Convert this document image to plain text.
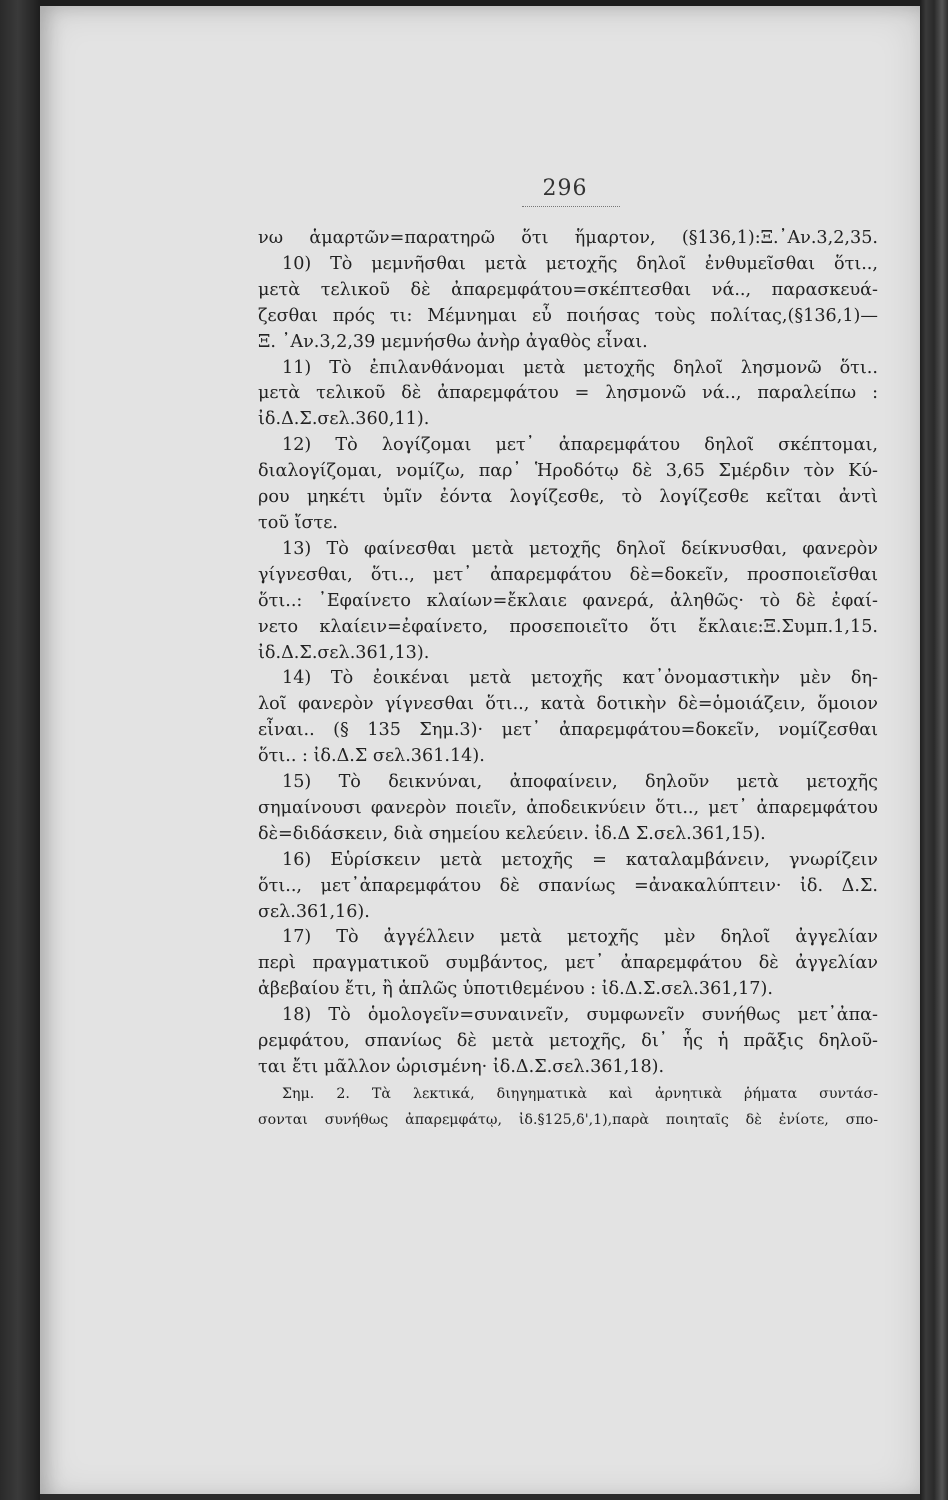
296
νω ἁμαρτῶν=παρατηρῶ ὅτι ἥμαρτον, (§136,1):Ξ.᾿Αν.3,2,35.
10) Τὸ μεμνῆσθαι μετὰ μετοχῆς δηλοῖ ἐνθυμεῖσθαι ὅτι..,
μετὰ τελικοῦ δὲ ἀπαρεμφάτου=σκέπτεσθαι νά.., παρασκευά-
ζεσθαι πρός τι: Μέμνημαι εὖ ποιήσας τοὺς πολίτας,(§136,1)—
Ξ. ᾿Αν.3,2,39 μεμνήσθω ἀνὴρ ἀγαθὸς εἶναι.
11) Τὸ ἐπιλανθάνομαι μετὰ μετοχῆς δηλοῖ λησμονῶ ὅτι..
μετὰ τελικοῦ δὲ ἀπαρεμφάτου = λησμονῶ νά.., παραλείπω :
ἰδ.Δ.Σ.σελ.360,11).
12) Τὸ λογίζομαι μετ᾿ ἀπαρεμφάτου δηλοῖ σκέπτομαι,
διαλογίζομαι, νομίζω, παρ᾿ Ἡροδότῳ δὲ 3,65 Σμέρδιν τὸν Κύ-
ρου μηκέτι ὑμῖν ἐόντα λογίζεσθε, τὸ λογίζεσθε κεῖται ἀντὶ
τοῦ ἴστε.
13) Τὸ φαίνεσθαι μετὰ μετοχῆς δηλοῖ δείκνυσθαι, φανερὸν
γίγνεσθαι, ὅτι.., μετ᾿ ἀπαρεμφάτου δὲ=δοκεῖν, προσποιεῖσθαι
ὅτι..: ᾿Εφαίνετο κλαίων=ἔκλαιε φανερά, ἀληθῶς· τὸ δὲ ἐφαί-
νετο κλαίειν=ἐφαίνετο, προσεποιεῖτο ὅτι ἔκλαιε:Ξ.Συμπ.1,15.
ἰδ.Δ.Σ.σελ.361,13).
14) Τὸ ἐοικέναι μετὰ μετοχῆς κατ᾿ὀνομαστικὴν μὲν δη-
λοῖ φανερὸν γίγνεσθαι ὅτι.., κατὰ δοτικὴν δὲ=ὁμοιάζειν, ὅμοιον
εἶναι.. (§ 135 Σημ.3)· μετ᾿ ἀπαρεμφάτου=δοκεῖν, νομίζεσθαι
ὅτι.. : ἰδ.Δ.Σ σελ.361.14).
15) Τὸ δεικνύναι, ἀποφαίνειν, δηλοῦν μετὰ μετοχῆς
σημαίνουσι φανερὸν ποιεῖν, ἀποδεικνύειν ὅτι.., μετ᾿ ἀπαρεμφάτου
δὲ=διδάσκειν, διὰ σημείου κελεύειν. ἰδ.Δ Σ.σελ.361,15).
16) Εὑρίσκειν μετὰ μετοχῆς = καταλαμβάνειν, γνωρίζειν
ὅτι.., μετ᾿ἀπαρεμφάτου δὲ σπανίως =ἀνακαλύπτειν· ἰδ. Δ.Σ.
σελ.361,16).
17) Τὸ ἀγγέλλειν μετὰ μετοχῆς μὲν δηλοῖ ἀγγελίαν
περὶ πραγματικοῦ συμβάντος, μετ᾿ ἀπαρεμφάτου δὲ ἀγγελίαν
ἀβεβαίου ἔτι, ἢ ἁπλῶς ὑποτιθεμένου : ἰδ.Δ.Σ.σελ.361,17).
18) Τὸ ὁμολογεῖν=συναινεῖν, συμφωνεῖν συνήθως μετ᾿ἀπα-
ρεμφάτου, σπανίως δὲ μετὰ μετοχῆς, δι᾿ ἧς ἡ πρᾶξις δηλοῦ-
ται ἔτι μᾶλλον ὡρισμένη· ἰδ.Δ.Σ.σελ.361,18).
Σημ. 2. Τὰ λεκτικά, διηγηματικὰ καὶ ἀρνητικὰ ῥήματα συντάσ-
σονται συνήθως ἀπαρεμφάτῳ, ἰδ.§125,δ',1),παρὰ ποιηταῖς δὲ ἐνίοτε, σπο-
